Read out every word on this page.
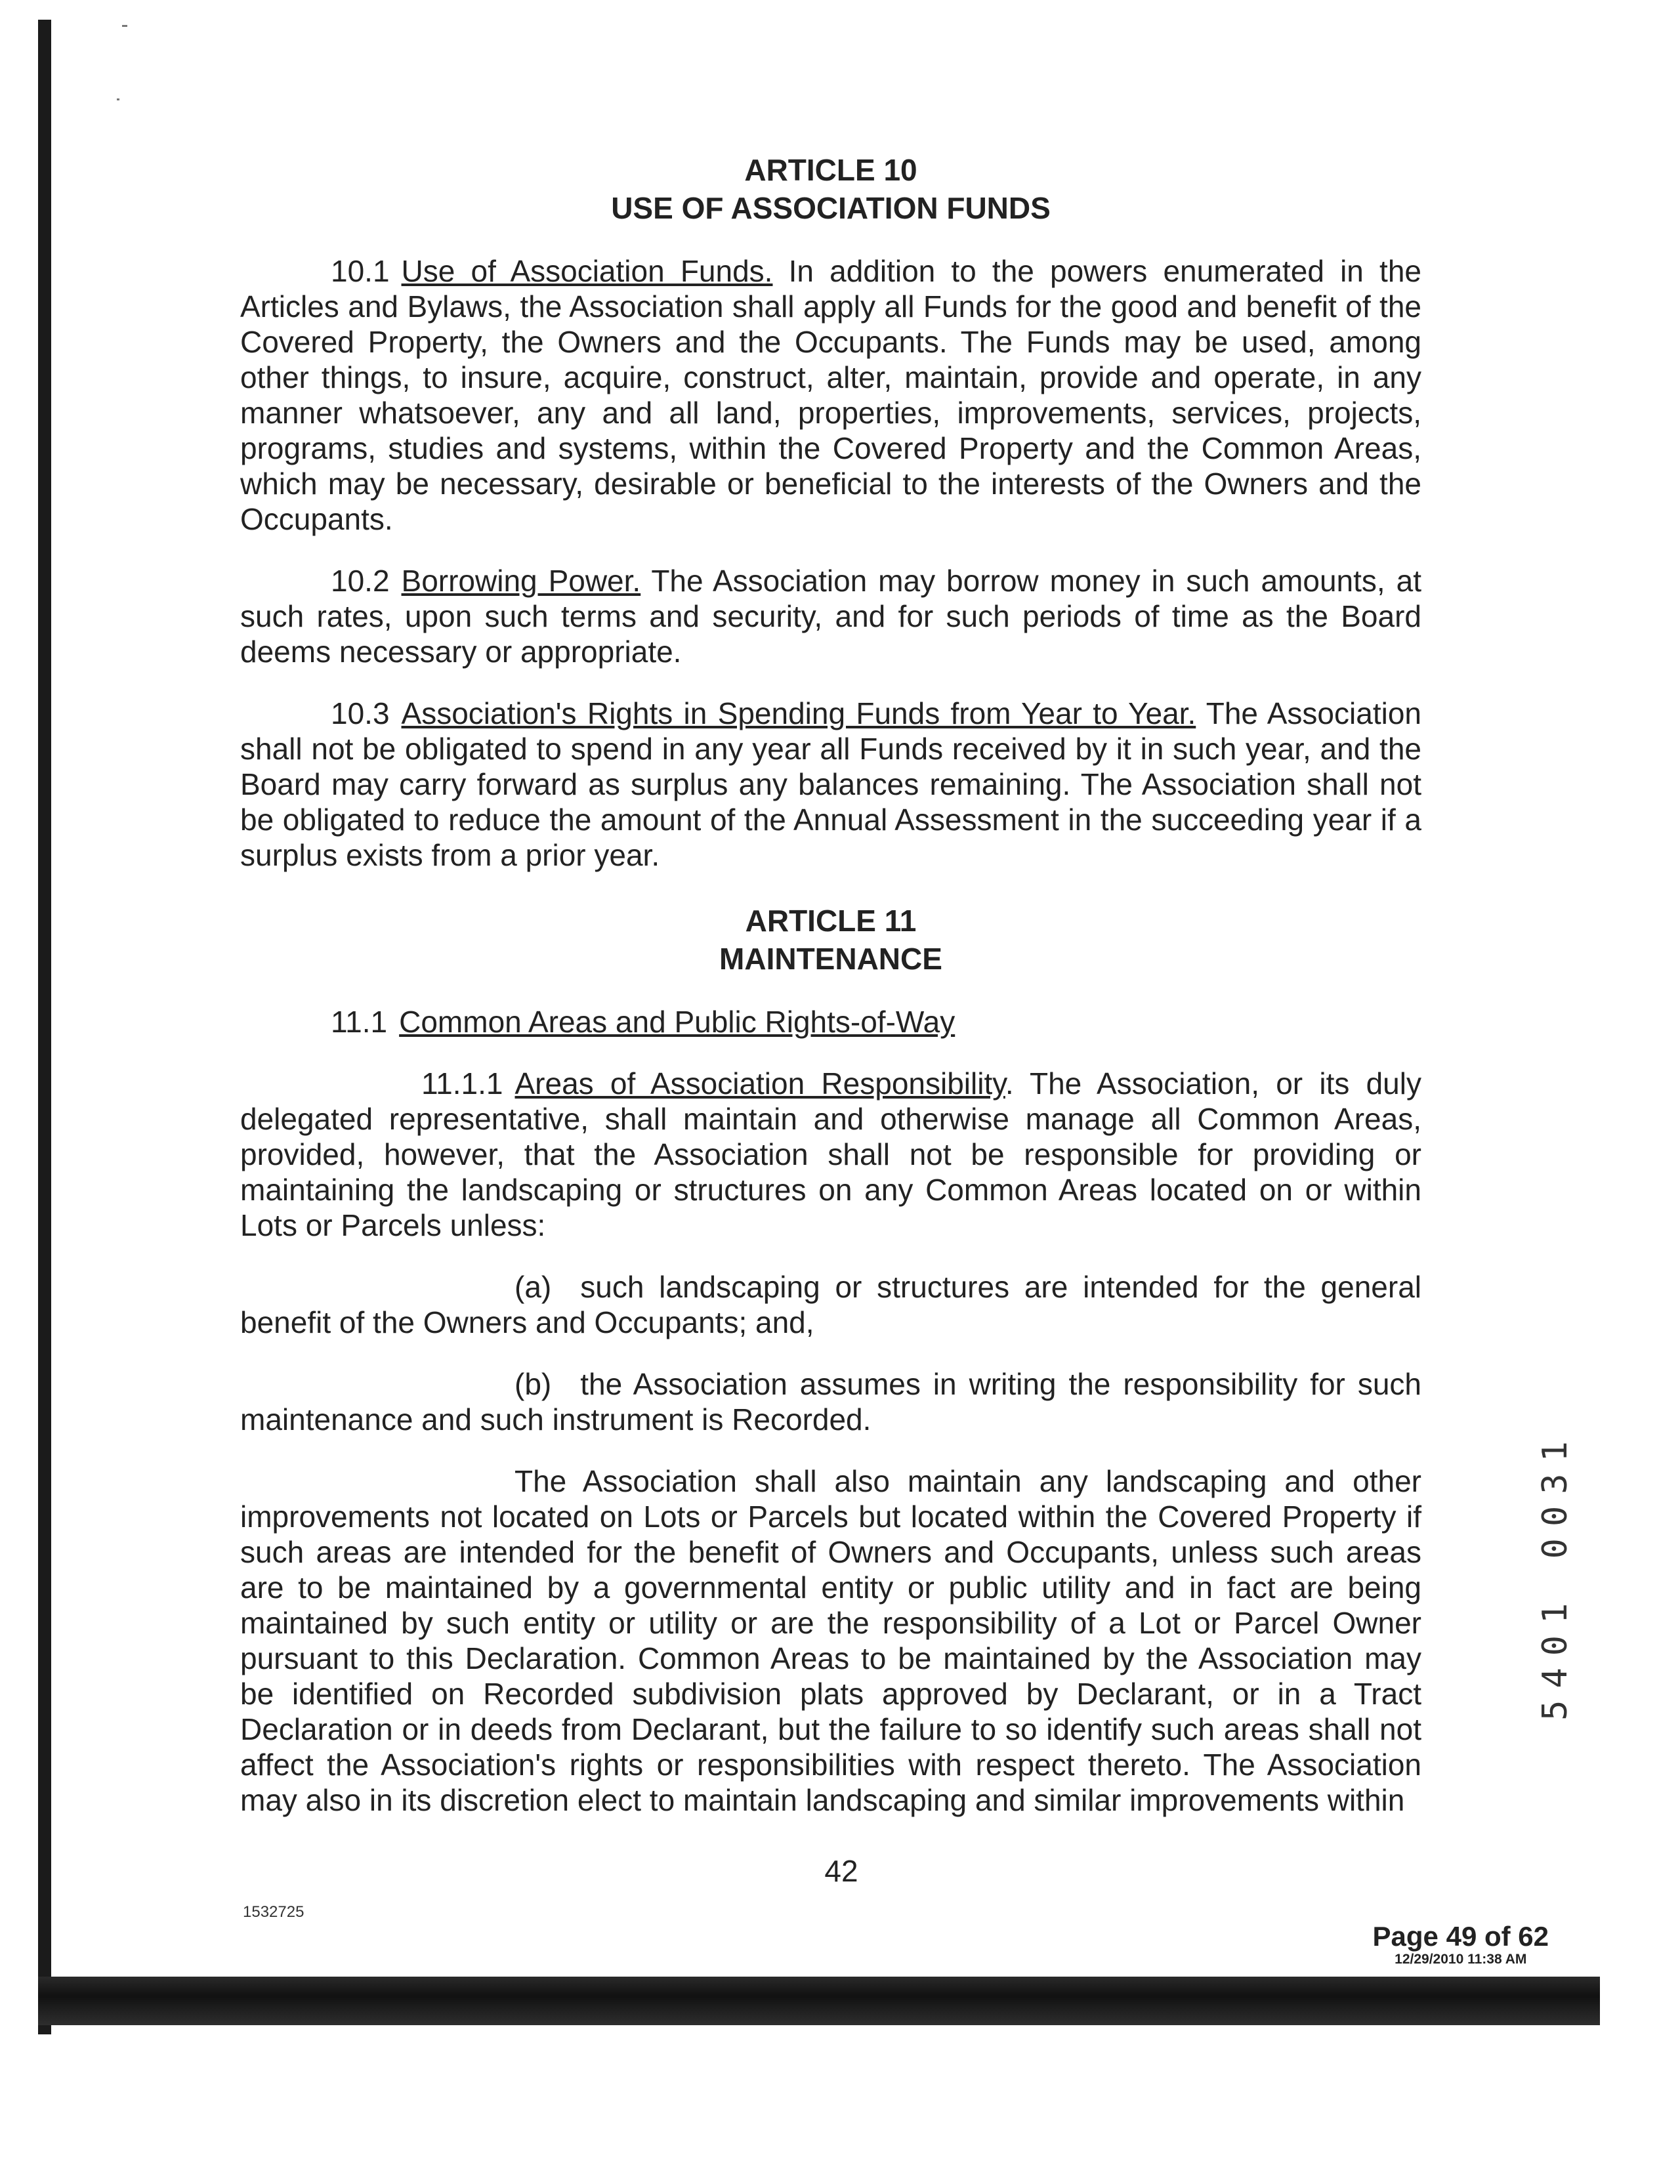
ARTICLE 10

USE OF ASSOCIATION FUNDS

10.1 Use of Association Funds. In addition to the powers enumerated in the Articles and Bylaws, the Association shall apply all Funds for the good and benefit of the Covered Property, the Owners and the Occupants. The Funds may be used, among other things, to insure, acquire, construct, alter, maintain, provide and operate, in any manner whatsoever, any and all land, properties, improvements, services, projects, programs, studies and systems, within the Covered Property and the Common Areas, which may be necessary, desirable or beneficial to the interests of the Owners and the Occupants.

10.2 Borrowing Power. The Association may borrow money in such amounts, at such rates, upon such terms and security, and for such periods of time as the Board deems necessary or appropriate.

10.3 Association's Rights in Spending Funds from Year to Year. The Association shall not be obligated to spend in any year all Funds received by it in such year, and the Board may carry forward as surplus any balances remaining. The Association shall not be obligated to reduce the amount of the Annual Assessment in the succeeding year if a surplus exists from a prior year.

ARTICLE 11

MAINTENANCE

11.1 Common Areas and Public Rights-of-Way

11.1.1 Areas of Association Responsibility. The Association, or its duly delegated representative, shall maintain and otherwise manage all Common Areas, provided, however, that the Association shall not be responsible for providing or maintaining the landscaping or structures on any Common Areas located on or within Lots or Parcels unless:

(a) such landscaping or structures are intended for the general benefit of the Owners and Occupants; and,

(b) the Association assumes in writing the responsibility for such maintenance and such instrument is Recorded.

The Association shall also maintain any landscaping and other improvements not located on Lots or Parcels but located within the Covered Property if such areas are intended for the benefit of Owners and Occupants, unless such areas are to be maintained by a governmental entity or public utility and in fact are being maintained by such entity or utility or are the responsibility of a Lot or Parcel Owner pursuant to this Declaration. Common Areas to be maintained by the Association may be identified on Recorded subdivision plats approved by Declarant, or in a Tract Declaration or in deeds from Declarant, but the failure to so identify such areas shall not affect the Association's rights or responsibilities with respect thereto. The Association may also in its discretion elect to maintain landscaping and similar improvements within

42
1532725
Page 49 of 62
12/29/2010 11:38 AM
5401 0031
